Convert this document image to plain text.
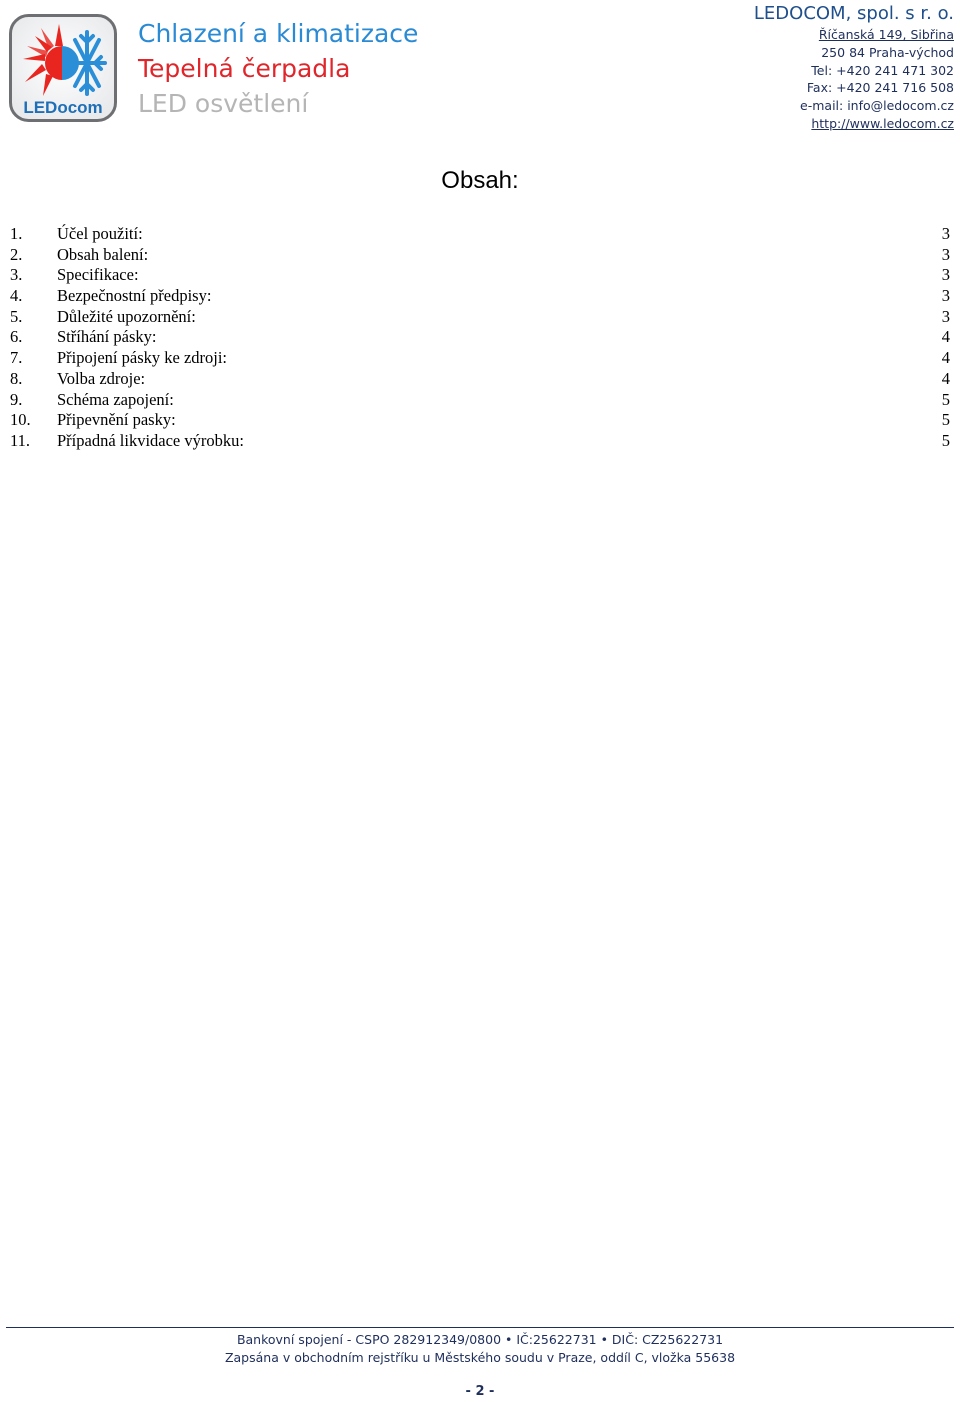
LEDocom
Chlazení a klimatizace
Tepelná čerpadla
LED osvětlení
LEDOCOM, spol. s r. o.
Říčanská 149, Sibřina
250 84 Praha-východ
Tel: +420 241 471 302
Fax: +420 241 716 508
e-mail: info@ledocom.cz
http://www.ledocom.cz
Obsah:
1.	Účel použití:	3
2.	Obsah balení:	3
3.	Specifikace:	3
4.	Bezpečnostní předpisy:	3
5.	Důležité upozornění:	3
6.	Stříhání pásky:	4
7.	Připojení pásky ke zdroji:	4
8.	Volba zdroje:	4
9.	Schéma zapojení:	5
10.	Připevnění pasky:	5
11.	Případná likvidace výrobku:	5
Bankovní spojení - CSPO 282912349/0800 • IČ:25622731 • DIČ: CZ25622731
Zapsána v obchodním rejstříku u Městského soudu v Praze, oddíl C, vložka 55638
- 2 -
